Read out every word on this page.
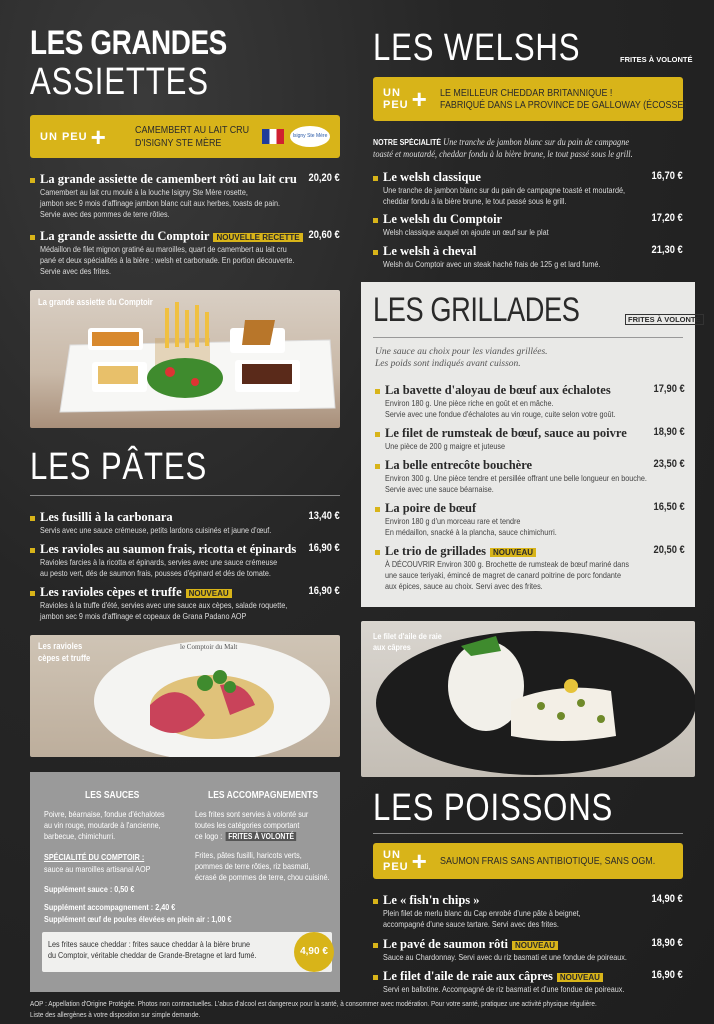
LES GRANDES
ASSIETTES
UN PEU +	CAMEMBERT AU LAIT CRU
D'ISIGNY STE MÈRE
Isigny Ste Mère
La grande assiette de camembert rôti au lait cru	20,20 €
Camembert au lait cru moulé à la louche Isigny Ste Mère rosette,
jambon sec 9 mois d'affinage jambon blanc cuit aux herbes, toasts de pain.
Servie avec des pommes de terre rôties.
La grande assiette du Comptoir NOUVELLE RECETTE 20,60 €
Médaillon de filet mignon gratiné au maroilles, quart de camembert au lait cru
pané et deux spécialités à la bière : welsh et carbonade. En portion découverte.
Servie avec des frites.
La grande assiette du Comptoir
LES PÂTES
Les fusilli à la carbonara	13,40 €
Servis avec une sauce crémeuse, petits lardons cuisinés et jaune d'œuf.
Les ravioles au saumon frais, ricotta et épinards	16,90 €
Ravioles farcies à la ricotta et épinards, servies avec une sauce crémeuse
au pesto vert, dés de saumon frais, pousses d'épinard et dés de tomate.
Les ravioles cèpes et truffe NOUVEAU	16,90 €
Ravioles à la truffe d'été, servies avec une sauce aux cèpes, salade roquette,
jambon sec 9 mois d'affinage et copeaux de Grana Padano AOP
le Comptoir du Malt
Les ravioles
cèpes et truffe
LES SAUCES
Poivre, béarnaise, fondue d'échalotes
au vin rouge, moutarde à l'ancienne,
barbecue, chimichurri.
SPÉCIALITÉ DU COMPTOIR :
sauce au maroilles artisanal AOP
Supplément sauce : 0,50 €
Supplément accompagnement : 2,40 €
Supplément œuf de poules élevées en plein air : 1,00 €
LES ACCOMPAGNEMENTS
Les frites sont servies à volonté sur
toutes les catégories comportant
ce logo : FRITES À VOLONTÉ
Frites, pâtes fusilli, haricots verts,
pommes de terre rôties, riz basmati,
écrasé de pommes de terre, chou cuisiné.
Les frites sauce cheddar : frites sauce cheddar à la bière brune
du Comptoir, véritable cheddar de Grande-Bretagne et lard fumé.	4,90 €
LES WELSHS	FRITES À VOLONTÉ
UN PEU + LE MEILLEUR CHEDDAR BRITANNIQUE !
FABRIQUÉ DANS LA PROVINCE DE GALLOWAY (ÉCOSSE)
NOTRE SPÉCIALITÉ Une tranche de jambon blanc sur du pain de campagne
toasté et moutardé, cheddar fondu à la bière brune, le tout passé sous le grill.
Le welsh classique	16,70 €
Une tranche de jambon blanc sur du pain de campagne toasté et moutardé,
cheddar fondu à la bière brune, le tout passé sous le grill.
Le welsh du Comptoir	17,20 €
Welsh classique auquel on ajoute un œuf sur le plat
Le welsh à cheval	21,30 €
Welsh du Comptoir avec un steak haché frais de 125 g et lard fumé.
LES GRILLADES	FRITES À VOLONTÉ
Une sauce au choix pour les viandes grillées.
Les poids sont indiqués avant cuisson.
La bavette d'aloyau de bœuf aux échalotes	17,90 €
Environ 180 g. Une pièce riche en goût et en mâche.
Servie avec une fondue d'échalotes au vin rouge, cuite selon votre goût.
Le filet de rumsteak de bœuf, sauce au poivre	18,90 €
Une pièce de 200 g maigre et juteuse
La belle entrecôte bouchère	23,50 €
Environ 300 g. Une pièce tendre et persillée offrant une belle longueur en bouche.
Servie avec une sauce béarnaise.
La poire de bœuf	16,50 €
Environ 180 g d'un morceau rare et tendre
En médaillon, snacké à la plancha, sauce chimichurri.
Le trio de grillades NOUVEAU	20,50 €
À DÉCOUVRIR Environ 300 g. Brochette de rumsteak de bœuf mariné dans
une sauce teriyaki, émincé de magret de canard poitrine de porc fondante
aux épices, sauce au choix. Servi avec des frites.
Le filet d'aile de raie
aux câpres
LES POISSONS
UN PEU + SAUMON FRAIS SANS ANTIBIOTIQUE, SANS OGM.
Le « fish'n chips »	14,90 €
Plein filet de merlu blanc du Cap enrobé d'une pâte à beignet,
accompagné d'une sauce tartare. Servi avec des frites.
Le pavé de saumon rôti NOUVEAU	18,90 €
Sauce au Chardonnay. Servi avec du riz basmati et une fondue de poireaux.
Le filet d'aile de raie aux câpres NOUVEAU	16,90 €
Servi en ballotine. Accompagné de riz basmati et d'une fondue de poireaux.
AOP : Appellation d'Origine Protégée. Photos non contractuelles. L'abus d'alcool est dangereux pour la santé, à consommer avec modération. Pour votre santé, pratiquez une activité physique régulière.
Liste des allergènes à votre disposition sur simple demande.
